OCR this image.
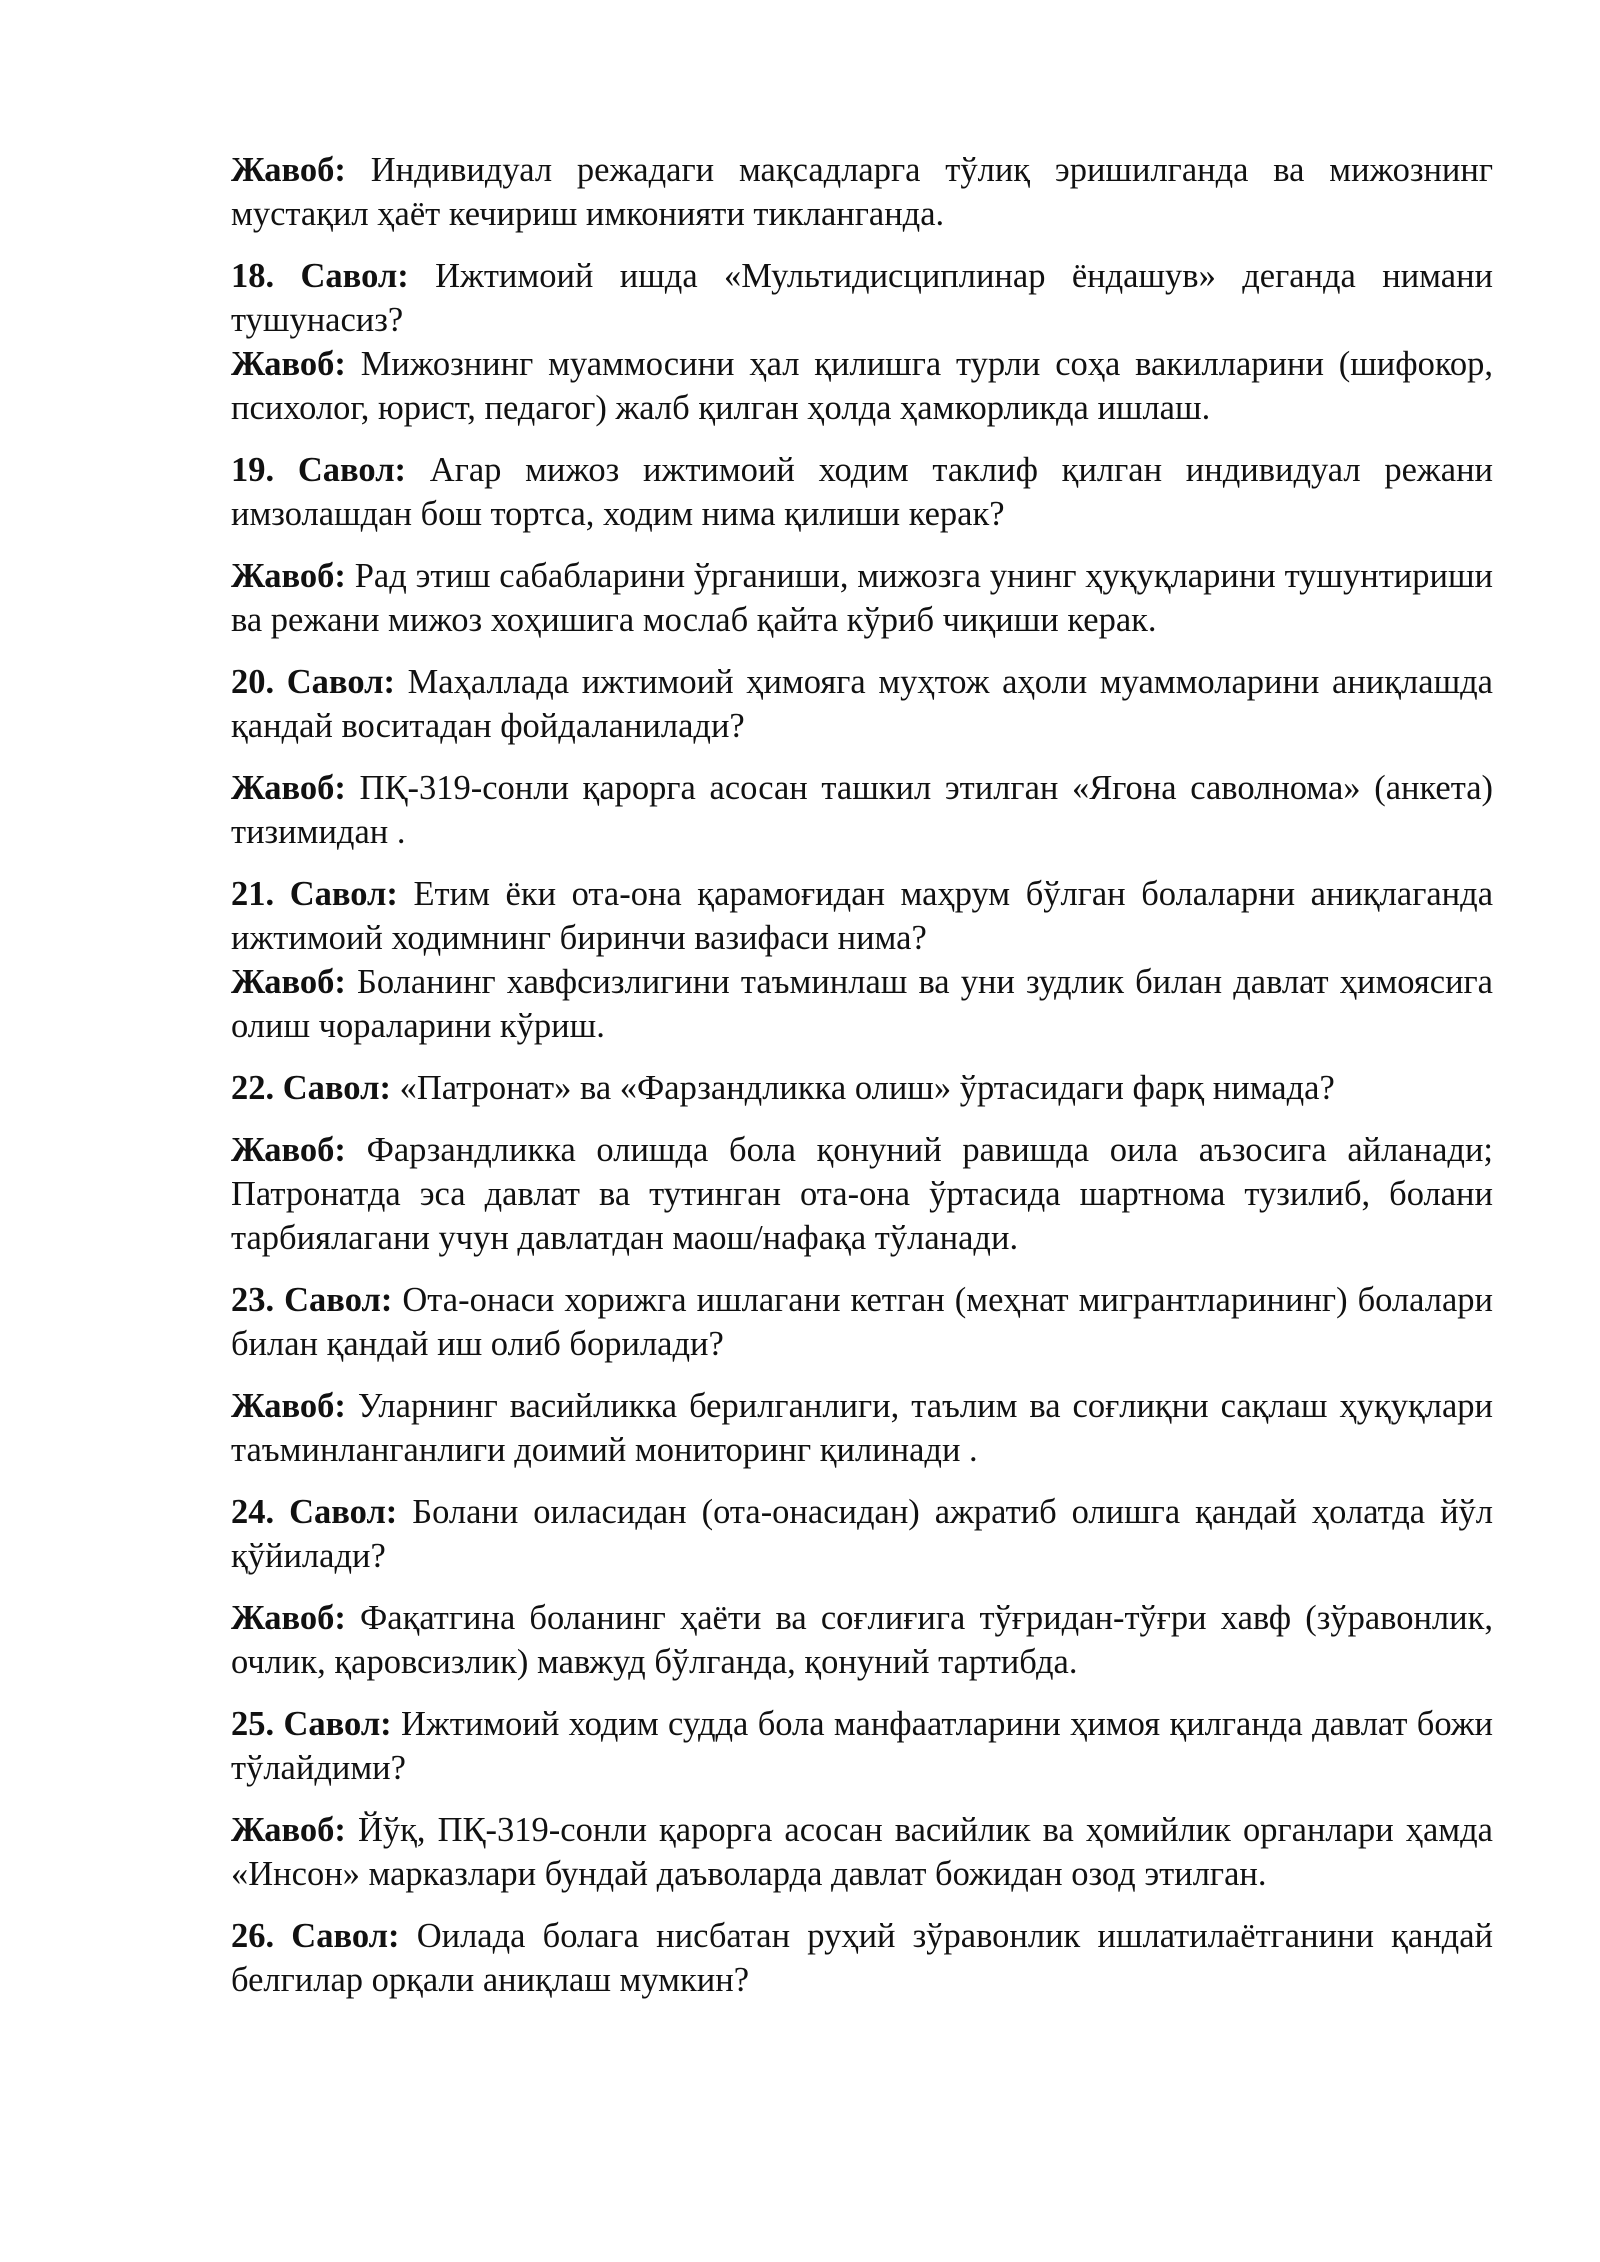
Жавоб: Индивидуал режадаги мақсадларга тўлиқ эришилганда ва мижознинг мустақил ҳаёт кечириш имконияти тикланганда.

18. Савол: Ижтимоий ишда «Мультидисциплинар ёндашув» деганда нимани тушунасиз?

Жавоб: Мижознинг муаммосини ҳал қилишга турли соҳа вакилларини (шифокор, психолог, юрист, педагог) жалб қилган ҳолда ҳамкорликда ишлаш.

19. Савол: Агар мижоз ижтимоий ходим таклиф қилган индивидуал режани имзолашдан бош тортса, ходим нима қилиши керак?

Жавоб: Рад этиш сабабларини ўрганиши, мижозга унинг ҳуқуқларини тушунтириши ва режани мижоз хоҳишига мослаб қайта кўриб чиқиши керак.

20. Савол: Маҳаллада ижтимоий ҳимояга муҳтож аҳоли муаммоларини аниқлашда қандай воситадан фойдаланилади?

Жавоб: ПҚ-319-сонли қарорга асосан ташкил этилган «Ягона саволнома» (анкета) тизимидан .

21. Савол: Етим ёки ота-она қарамоғидан маҳрум бўлган болаларни аниқлаганда ижтимоий ходимнинг биринчи вазифаси нима?

Жавоб: Боланинг хавфсизлигини таъминлаш ва уни зудлик билан давлат ҳимоясига олиш чораларини кўриш.

22. Савол: «Патронат» ва «Фарзандликка олиш» ўртасидаги фарқ нимада?

Жавоб: Фарзандликка олишда бола қонуний равишда оила аъзосига айланади; Патронатда эса давлат ва тутинган ота-она ўртасида шартнома тузилиб, болани тарбиялагани учун давлатдан маош/нафақа тўланади.

23. Савол: Ота-онаси хорижга ишлагани кетган (меҳнат мигрантларининг) болалари билан қандай иш олиб борилади?

Жавоб: Уларнинг васийликка берилганлиги, таълим ва соғлиқни сақлаш ҳуқуқлари таъминланганлиги доимий мониторинг қилинади .

24. Савол: Болани оиласидан (ота-онасидан) ажратиб олишга қандай ҳолатда йўл қўйилади?

Жавоб: Фақатгина боланинг ҳаёти ва соғлиғига тўғридан-тўғри хавф (зўравонлик, очлик, қаровсизлик) мавжуд бўлганда, қонуний тартибда.

25. Савол: Ижтимоий ходим судда бола манфаатларини ҳимоя қилганда давлат божи тўлайдими?

Жавоб: Йўқ, ПҚ-319-сонли қарорга асосан васийлик ва ҳомийлик органлари ҳамда «Инсон» марказлари бундай даъволарда давлат божидан озод этилган.

26. Савол: Оилада болага нисбатан руҳий зўравонлик ишлатилаётганини қандай белгилар орқали аниқлаш мумкин?
